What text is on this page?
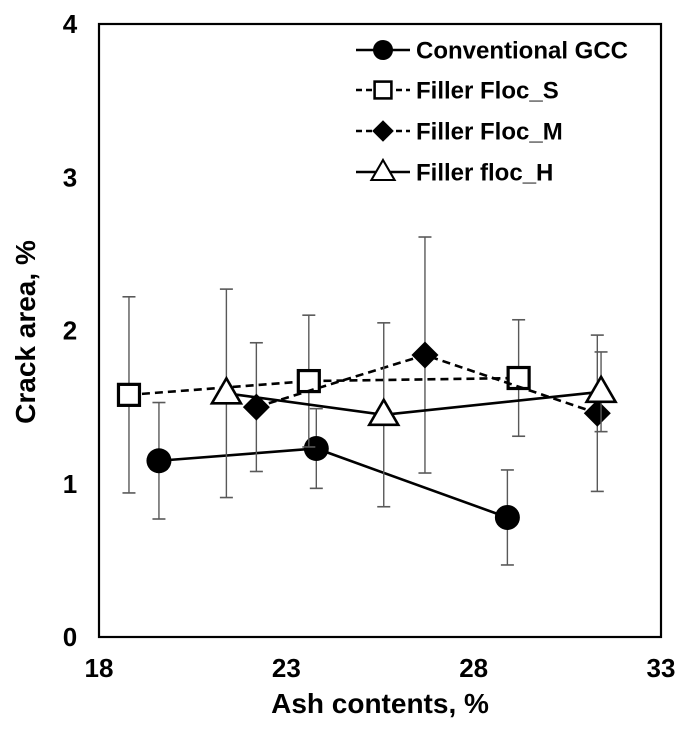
0
1
2
3
4
18	23	28	33
Conventional GCC
Filler Floc_S
Filler Floc_M
Filler floc_H
Ash contents, %
Crack area, %
